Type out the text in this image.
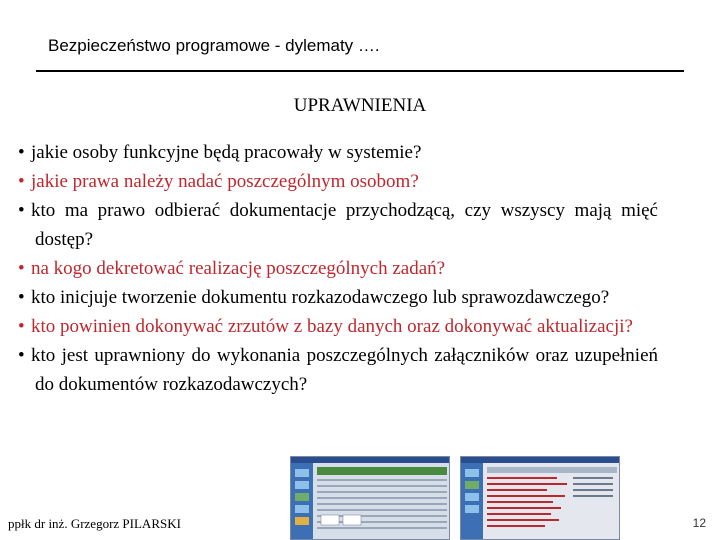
Bezpieczeństwo programowe - dylematy ….
UPRAWNIENIA
• jakie osoby funkcyjne będą pracowały w systemie?
• jakie prawa należy nadać poszczególnym osobom?
• kto ma prawo odbierać dokumentacje przychodzącą, czy wszyscy mają mięć dostęp?
• na kogo dekretować realizację poszczególnych zadań?
• kto inicjuje tworzenie dokumentu rozkazodawczego lub sprawozdawczego?
• kto powinien dokonywać zrzutów z bazy danych oraz dokonywać aktualizacji?
• kto jest uprawniony do wykonania poszczególnych załączników oraz uzupełnień do dokumentów rozkazodawczych?
ppłk dr inż. Grzegorz PILARSKI	12
